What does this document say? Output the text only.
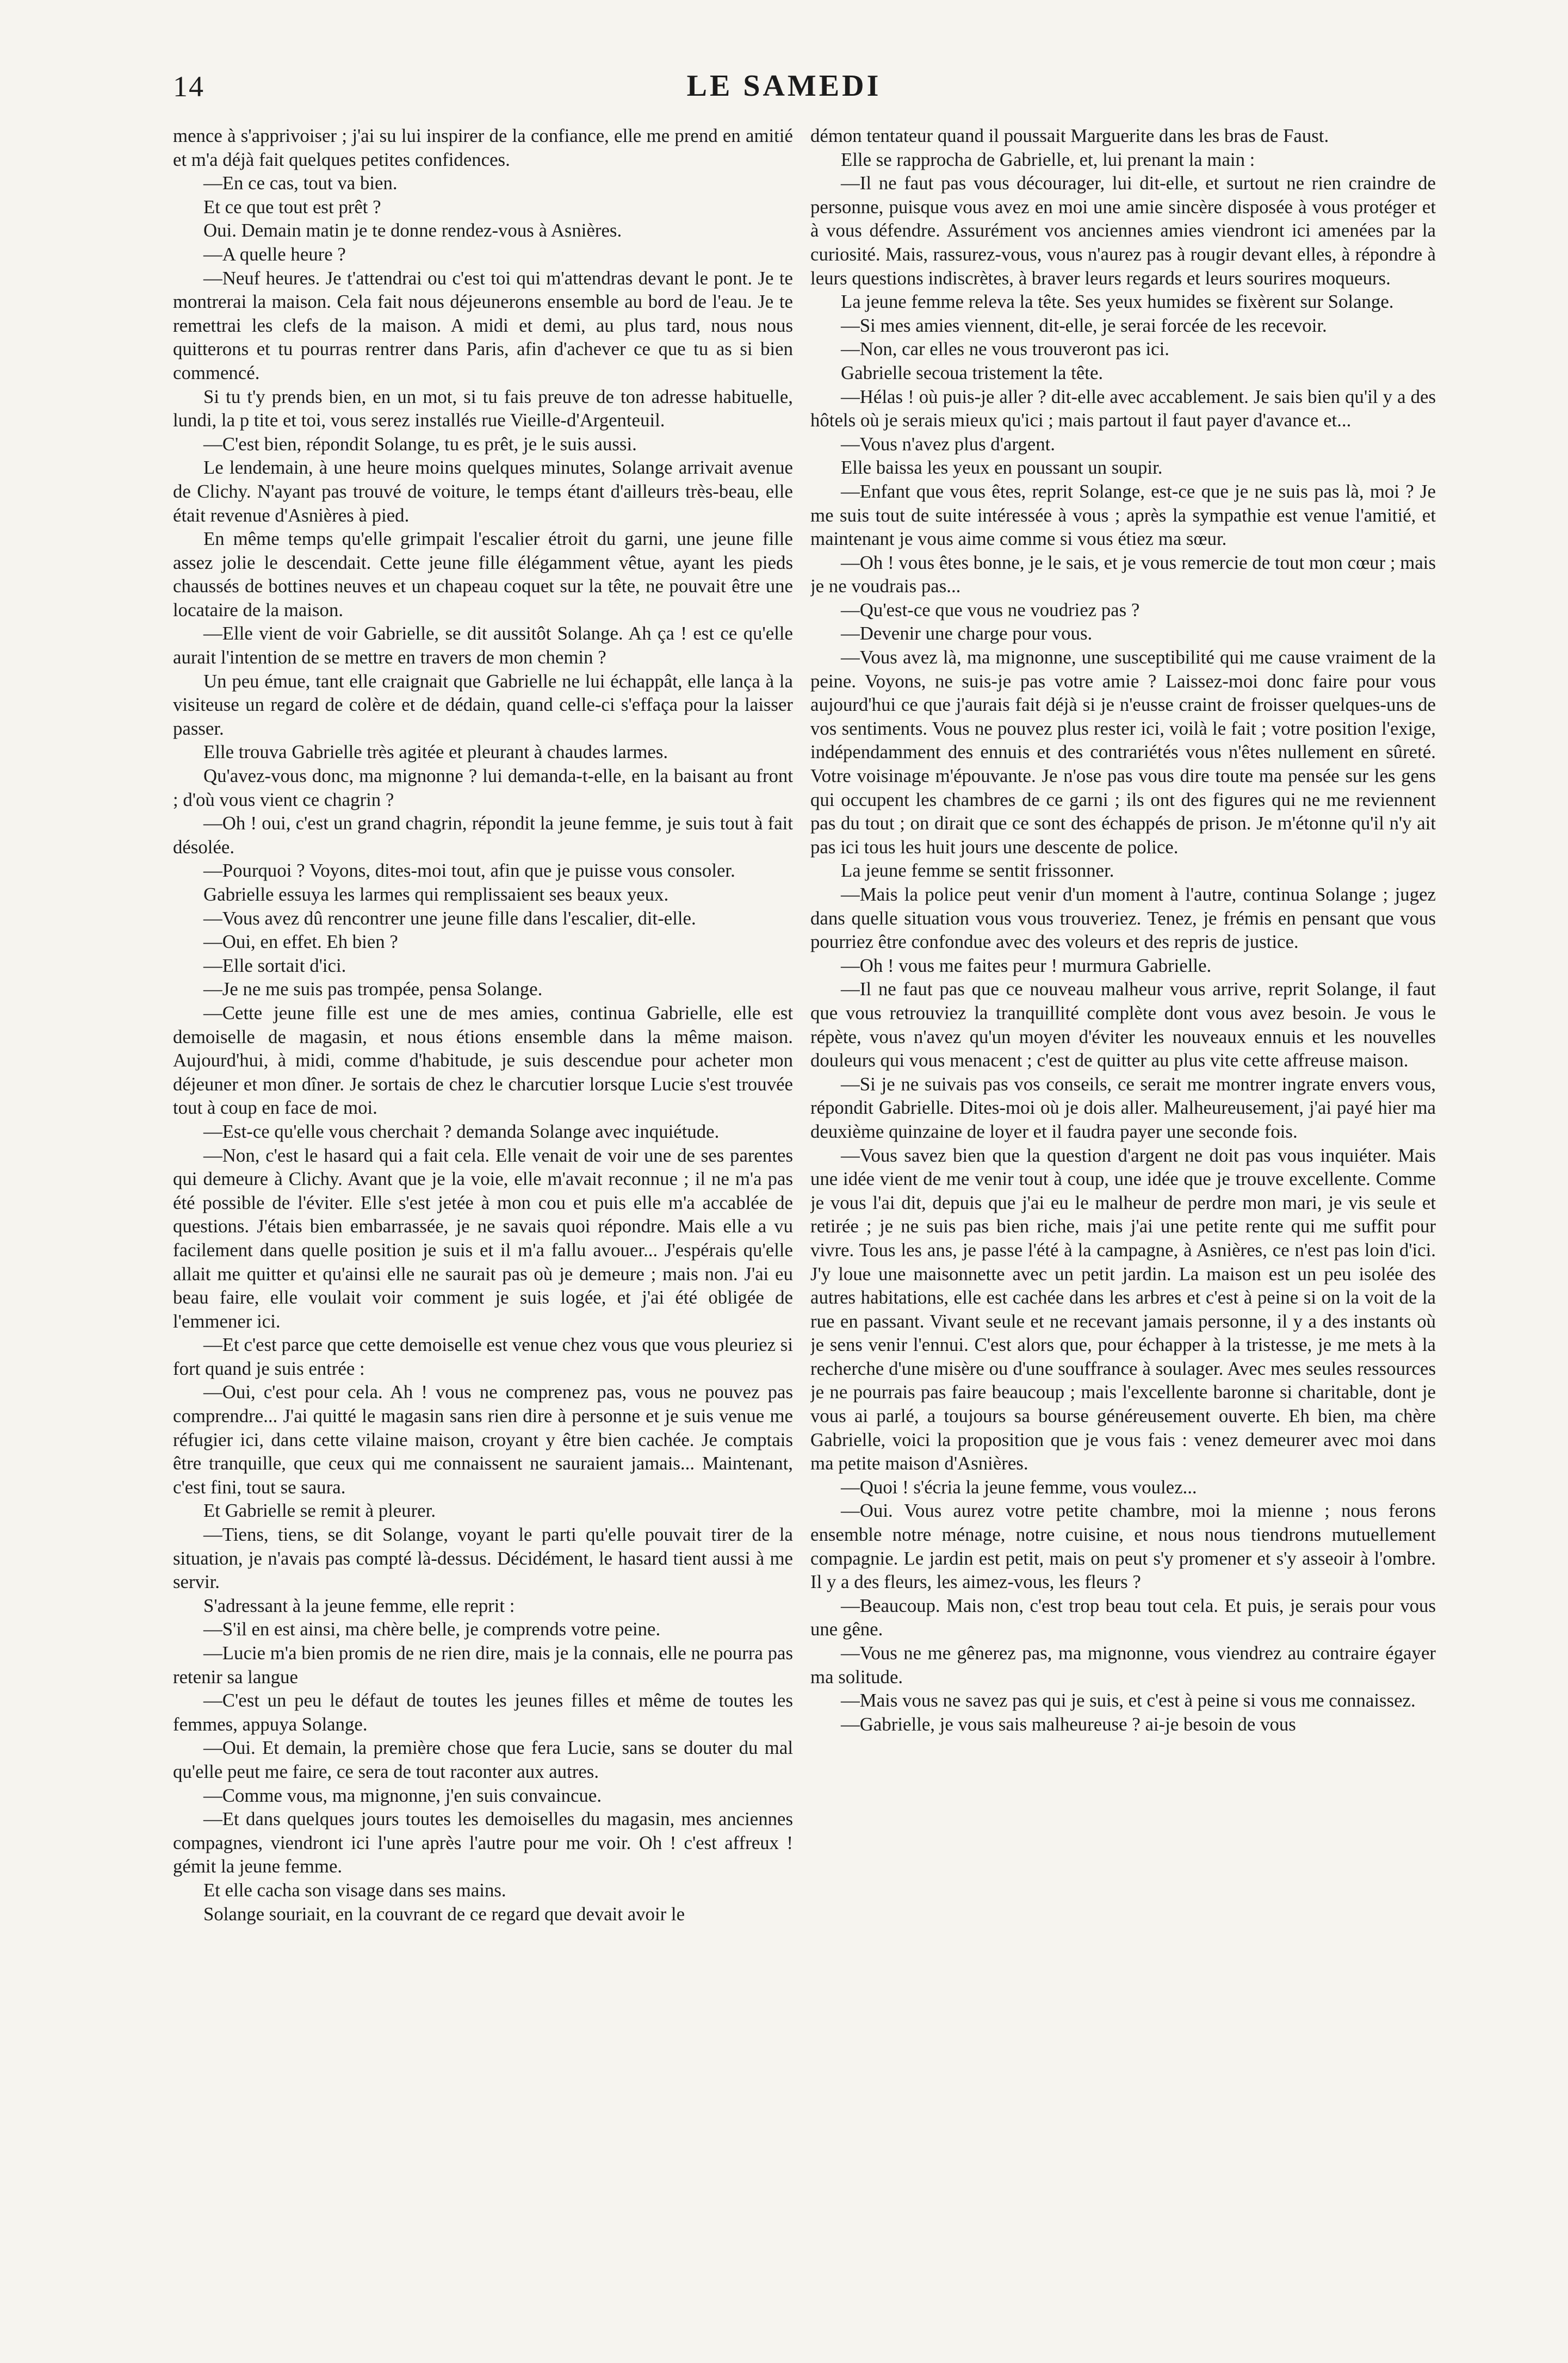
14	LE SAMEDI

mence à s'apprivoiser ; j'ai su lui inspirer de la confiance, elle me prend en amitié et m'a déjà fait quelques petites confidences.

—En ce cas, tout va bien.

Et ce que tout est prêt ?

Oui. Demain matin je te donne rendez-vous à Asnières.

—A quelle heure ?

—Neuf heures. Je t'attendrai ou c'est toi qui m'attendras devant le pont. Je te montrerai la maison. Cela fait nous déjeunerons ensemble au bord de l'eau. Je te remettrai les clefs de la maison. A midi et demi, au plus tard, nous nous quitterons et tu pourras rentrer dans Paris, afin d'achever ce que tu as si bien commencé.

Si tu t'y prends bien, en un mot, si tu fais preuve de ton adresse habituelle, lundi, la p tite et toi, vous serez installés rue Vieille-d'Argenteuil.

—C'est bien, répondit Solange, tu es prêt, je le suis aussi.

Le lendemain, à une heure moins quelques minutes, Solange arrivait avenue de Clichy. N'ayant pas trouvé de voiture, le temps étant d'ailleurs très-beau, elle était revenue d'Asnières à pied.

En même temps qu'elle grimpait l'escalier étroit du garni, une jeune fille assez jolie le descendait. Cette jeune fille élégamment vêtue, ayant les pieds chaussés de bottines neuves et un chapeau coquet sur la tête, ne pouvait être une locataire de la maison.

—Elle vient de voir Gabrielle, se dit aussitôt Solange. Ah ça ! est ce qu'elle aurait l'intention de se mettre en travers de mon chemin ?

Un peu émue, tant elle craignait que Gabrielle ne lui échappât, elle lança à la visiteuse un regard de colère et de dédain, quand celle-ci s'effaça pour la laisser passer.

Elle trouva Gabrielle très agitée et pleurant à chaudes larmes.

Qu'avez-vous donc, ma mignonne ? lui demanda-t-elle, en la baisant au front ; d'où vous vient ce chagrin ?

—Oh ! oui, c'est un grand chagrin, répondit la jeune femme, je suis tout à fait désolée.

—Pourquoi ? Voyons, dites-moi tout, afin que je puisse vous consoler.

Gabrielle essuya les larmes qui remplissaient ses beaux yeux.

—Vous avez dû rencontrer une jeune fille dans l'escalier, dit-elle.

—Oui, en effet. Eh bien ?

—Elle sortait d'ici.

—Je ne me suis pas trompée, pensa Solange.

—Cette jeune fille est une de mes amies, continua Gabrielle, elle est demoiselle de magasin, et nous étions ensemble dans la même maison. Aujourd'hui, à midi, comme d'habitude, je suis descendue pour acheter mon déjeuner et mon dîner. Je sortais de chez le charcutier lorsque Lucie s'est trouvée tout à coup en face de moi.

—Est-ce qu'elle vous cherchait ? demanda Solange avec inquiétude.

—Non, c'est le hasard qui a fait cela. Elle venait de voir une de ses parentes qui demeure à Clichy. Avant que je la voie, elle m'avait reconnue ; il ne m'a pas été possible de l'éviter. Elle s'est jetée à mon cou et puis elle m'a accablée de questions. J'étais bien embarrassée, je ne savais quoi répondre. Mais elle a vu facilement dans quelle position je suis et il m'a fallu avouer... J'espérais qu'elle allait me quitter et qu'ainsi elle ne saurait pas où je demeure ; mais non. J'ai eu beau faire, elle voulait voir comment je suis logée, et j'ai été obligée de l'emmener ici.

—Et c'est parce que cette demoiselle est venue chez vous que vous pleuriez si fort quand je suis entrée :

—Oui, c'est pour cela. Ah ! vous ne comprenez pas, vous ne pouvez pas comprendre... J'ai quitté le magasin sans rien dire à personne et je suis venue me réfugier ici, dans cette vilaine maison, croyant y être bien cachée. Je comptais être tranquille, que ceux qui me connaissent ne sauraient jamais... Maintenant, c'est fini, tout se saura.

Et Gabrielle se remit à pleurer.

—Tiens, tiens, se dit Solange, voyant le parti qu'elle pouvait tirer de la situation, je n'avais pas compté là-dessus. Décidément, le hasard tient aussi à me servir.

S'adressant à la jeune femme, elle reprit :

—S'il en est ainsi, ma chère belle, je comprends votre peine.

—Lucie m'a bien promis de ne rien dire, mais je la connais, elle ne pourra pas retenir sa langue

—C'est un peu le défaut de toutes les jeunes filles et même de toutes les femmes, appuya Solange.

—Oui. Et demain, la première chose que fera Lucie, sans se douter du mal qu'elle peut me faire, ce sera de tout raconter aux autres.

—Comme vous, ma mignonne, j'en suis convaincue.

—Et dans quelques jours toutes les demoiselles du magasin, mes anciennes compagnes, viendront ici l'une après l'autre pour me voir. Oh ! c'est affreux ! gémit la jeune femme.

Et elle cacha son visage dans ses mains.

Solange souriait, en la couvrant de ce regard que devait avoir le

démon tentateur quand il poussait Marguerite dans les bras de Faust.

Elle se rapprocha de Gabrielle, et, lui prenant la main :

—Il ne faut pas vous décourager, lui dit-elle, et surtout ne rien craindre de personne, puisque vous avez en moi une amie sincère disposée à vous protéger et à vous défendre. Assurément vos anciennes amies viendront ici amenées par la curiosité. Mais, rassurez-vous, vous n'aurez pas à rougir devant elles, à répondre à leurs questions indiscrètes, à braver leurs regards et leurs sourires moqueurs.

La jeune femme releva la tête. Ses yeux humides se fixèrent sur Solange.

—Si mes amies viennent, dit-elle, je serai forcée de les recevoir.

—Non, car elles ne vous trouveront pas ici.

Gabrielle secoua tristement la tête.

—Hélas ! où puis-je aller ? dit-elle avec accablement. Je sais bien qu'il y a des hôtels où je serais mieux qu'ici ; mais partout il faut payer d'avance et...

—Vous n'avez plus d'argent.

Elle baissa les yeux en poussant un soupir.

—Enfant que vous êtes, reprit Solange, est-ce que je ne suis pas là, moi ? Je me suis tout de suite intéressée à vous ; après la sympathie est venue l'amitié, et maintenant je vous aime comme si vous étiez ma sœur.

—Oh ! vous êtes bonne, je le sais, et je vous remercie de tout mon cœur ; mais je ne voudrais pas...

—Qu'est-ce que vous ne voudriez pas ?

—Devenir une charge pour vous.

—Vous avez là, ma mignonne, une susceptibilité qui me cause vraiment de la peine. Voyons, ne suis-je pas votre amie ? Laissez-moi donc faire pour vous aujourd'hui ce que j'aurais fait déjà si je n'eusse craint de froisser quelques-uns de vos sentiments. Vous ne pouvez plus rester ici, voilà le fait ; votre position l'exige, indépendamment des ennuis et des contrariétés vous n'êtes nullement en sûreté. Votre voisinage m'épouvante. Je n'ose pas vous dire toute ma pensée sur les gens qui occupent les chambres de ce garni ; ils ont des figures qui ne me reviennent pas du tout ; on dirait que ce sont des échappés de prison. Je m'étonne qu'il n'y ait pas ici tous les huit jours une descente de police.

La jeune femme se sentit frissonner.

—Mais la police peut venir d'un moment à l'autre, continua Solange ; jugez dans quelle situation vous vous trouveriez. Tenez, je frémis en pensant que vous pourriez être confondue avec des voleurs et des repris de justice.

—Oh ! vous me faites peur ! murmura Gabrielle.

—Il ne faut pas que ce nouveau malheur vous arrive, reprit Solange, il faut que vous retrouviez la tranquillité complète dont vous avez besoin. Je vous le répète, vous n'avez qu'un moyen d'éviter les nouveaux ennuis et les nouvelles douleurs qui vous menacent ; c'est de quitter au plus vite cette affreuse maison.

—Si je ne suivais pas vos conseils, ce serait me montrer ingrate envers vous, répondit Gabrielle. Dites-moi où je dois aller. Malheureusement, j'ai payé hier ma deuxième quinzaine de loyer et il faudra payer une seconde fois.

—Vous savez bien que la question d'argent ne doit pas vous inquiéter. Mais une idée vient de me venir tout à coup, une idée que je trouve excellente. Comme je vous l'ai dit, depuis que j'ai eu le malheur de perdre mon mari, je vis seule et retirée ; je ne suis pas bien riche, mais j'ai une petite rente qui me suffit pour vivre. Tous les ans, je passe l'été à la campagne, à Asnières, ce n'est pas loin d'ici. J'y loue une maisonnette avec un petit jardin. La maison est un peu isolée des autres habitations, elle est cachée dans les arbres et c'est à peine si on la voit de la rue en passant. Vivant seule et ne recevant jamais personne, il y a des instants où je sens venir l'ennui. C'est alors que, pour échapper à la tristesse, je me mets à la recherche d'une misère ou d'une souffrance à soulager. Avec mes seules ressources je ne pourrais pas faire beaucoup ; mais l'excellente baronne si charitable, dont je vous ai parlé, a toujours sa bourse généreusement ouverte. Eh bien, ma chère Gabrielle, voici la proposition que je vous fais : venez demeurer avec moi dans ma petite maison d'Asnières.

—Quoi ! s'écria la jeune femme, vous voulez...

—Oui. Vous aurez votre petite chambre, moi la mienne ; nous ferons ensemble notre ménage, notre cuisine, et nous nous tiendrons mutuellement compagnie. Le jardin est petit, mais on peut s'y promener et s'y asseoir à l'ombre. Il y a des fleurs, les aimez-vous, les fleurs ?

—Beaucoup. Mais non, c'est trop beau tout cela. Et puis, je serais pour vous une gêne.

—Vous ne me gênerez pas, ma mignonne, vous viendrez au contraire égayer ma solitude.

—Mais vous ne savez pas qui je suis, et c'est à peine si vous me connaissez.

—Gabrielle, je vous sais malheureuse ? ai-je besoin de vous
